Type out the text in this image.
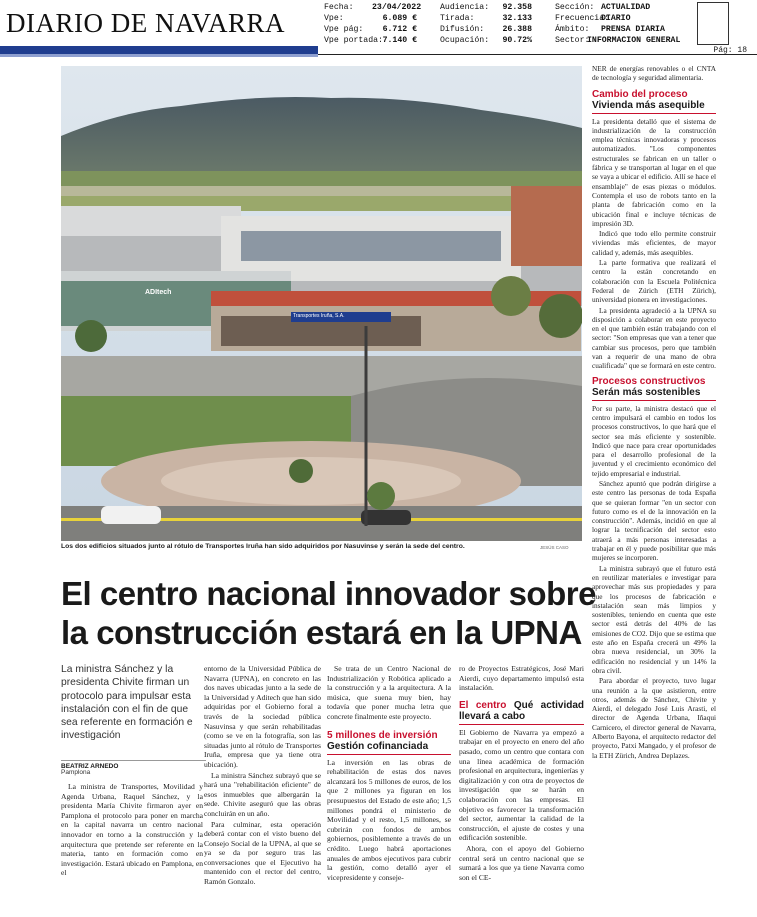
DIARIO DE NAVARRA
Fecha:	23/04/2022
Vpe:	6.089 €
Vpe pág:	6.712 €
Vpe portada: 7.140 €
Audiencia:	92.358
Tirada:	32.133
Difusión:	26.388
Ocupación:	90.72%
Sección: ACTUALIDAD
Frecuencia:
DIARIO
Ámbito:	PRENSA DIARIA
Sector:
INFORMACION GENERAL
Pág: 18
ADItech
Transportes Iruña, S.A.
Los dos edificios situados junto al rótulo de Transportes Iruña han sido adquiridos por Nasuvinse y serán la sede del centro.	JESÚS CASO
El centro nacional innovador sobre la construcción estará en la UPNA
La ministra Sánchez y la presidenta Chivite firman un protocolo para impulsar esta instalación con el fin de que sea referente en formación e investigación
BEATRIZ ARNEDO
Pamplona

La ministra de Transportes, Movilidad y Agenda Urbana, Raquel Sánchez, y la presidenta María Chivite firmaron ayer en Pamplona el protocolo para poner en marcha en la capital navarra un centro nacional innovador en torno a la construcción y la arquitectura que pretende ser referente en la materia, tanto en formación como en investigación. Estará ubicado en Pamplona, en el

entorno de la Universidad Pública de Navarra (UPNA), en concreto en las dos naves ubicadas junto a la sede de la Universidad y Aditech que han sido adquiridas por el Gobierno foral a través de la sociedad pública Nasuvinsa y que serán rehabilitadas (como se ve en la fotografía, son las situadas junto al rótulo de Transportes Iruña, empresa que ya tiene otra ubicación).

La ministra Sánchez subrayó que se hará una "rehabilitación eficiente" de esos inmuebles que albergarán la sede. Chivite aseguró que las obras concluirán en un año.

Para culminar, esta operación deberá contar con el visto bueno del Consejo Social de la UPNA, al que se ya se da por seguro tras las conversaciones que el Ejecutivo ha mantenido con el rector del centro, Ramón Gonzalo.

Se trata de un Centro Nacional de Industrialización y Robótica aplicado a la construcción y a la arquitectura. A la música, que suena muy bien, hay todavía que poner mucha letra que concrete finalmente este proyecto.

5 millones de inversión
Gestión cofinanciada

La inversión en las obras de rehabilitación de estas dos naves alcanzará los 5 millones de euros, de los que 2 millones ya figuran en los presupuestos del Estado de este año; 1,5 millones pondrá el ministerio de Movilidad y el resto, 1,5 millones, se cubrirán con fondos de ambos gobiernos, posiblemente a través de un crédito. Luego habrá aportaciones anuales de ambos ejecutivos para cubrir la gestión, como detalló ayer el vicepresidente y conseje-

ro de Proyectos Estratégicos, José Mari Aierdi, cuyo departamento impulsó esta instalación.

El centro Qué actividad llevará a cabo

El Gobierno de Navarra ya empezó a trabajar en el proyecto en enero del año pasado, como un centro que contara con una línea académica de formación profesional en arquitectura, ingenierías y digitalización y con otra de proyectos de investigación que se harán en colaboración con las empresas. El objetivo es favorecer la transformación del sector, aumentar la calidad de la construcción, el ajuste de costes y una edificación sostenible.

Ahora, con el apoyo del Gobierno central será un centro nacional que se sumará a los que ya tiene Navarra como son el CE-

NER de energías renovables o el CNTA de tecnología y seguridad alimentaria.

Cambio del proceso
Vivienda más asequible

La presidenta detalló que el sistema de industrialización de la construcción emplea técnicas innovadoras y procesos automatizados. "Los componentes estructurales se fabrican en un taller o fábrica y se transportan al lugar en el que se vaya a ubicar el edificio. Allí se hace el ensamblaje" de esas piezas o módulos. Contempla el uso de robots tanto en la planta de fabricación como en la ubicación final e incluye técnicas de impresión 3D.

Indicó que todo ello permite construir viviendas más eficientes, de mayor calidad y, además, más asequibles.

La parte formativa que realizará el centro la están concretando en colaboración con la Escuela Politécnica Federal de Zúrich (ETH Zürich), universidad pionera en investigaciones.

La presidenta agradeció a la UPNA su disposición a colaborar en este proyecto en el que también están trabajando con el sector: "Son empresas que van a tener que cambiar sus procesos, pero que también van a requerir de una mano de obra cualificada" que se formará en este centro.

Procesos constructivos
Serán más sostenibles

Por su parte, la ministra destacó que el centro impulsará el cambio en todos los procesos constructivos, lo que hará que el sector sea más eficiente y sostenible. Indicó que nace para crear oportunidades para el desarrollo profesional de la juventud y el crecimiento económico del tejido empresarial e industrial.

Sánchez apuntó que podrán dirigirse a este centro las personas de toda España que se quieran formar "en un sector con futuro como es el de la innovación en la construcción". Además, incidió en que al lograr la tecnificación del sector esto atraerá a más personas interesadas a trabajar en él y puede posibilitar que más mujeres se incorporen.

La ministra subrayó que el futuro está en reutilizar materiales e investigar para aprovechar más sus propiedades y para que los procesos de fabricación e instalación sean más limpios y sostenibles, teniendo en cuenta que este sector está detrás del 40% de las emisiones de CO2. Dijo que se estima que este año en España crecerá un 49% la obra nueva residencial, un 30% la edificación no residencial y un 14% la obra civil.

Para abordar el proyecto, tuvo lugar una reunión a la que asistieron, entre otros, además de Sánchez, Chivite y Aierdi, el delegado José Luis Arasti, el director de Agenda Urbana, Iñaqui Carnicero, el director general de Navarra, Alberto Bayona, el arquitecto redactor del proyecto, Patxi Mangado, y el profesor de la ETH Zürich, Andrea Deplazes.
